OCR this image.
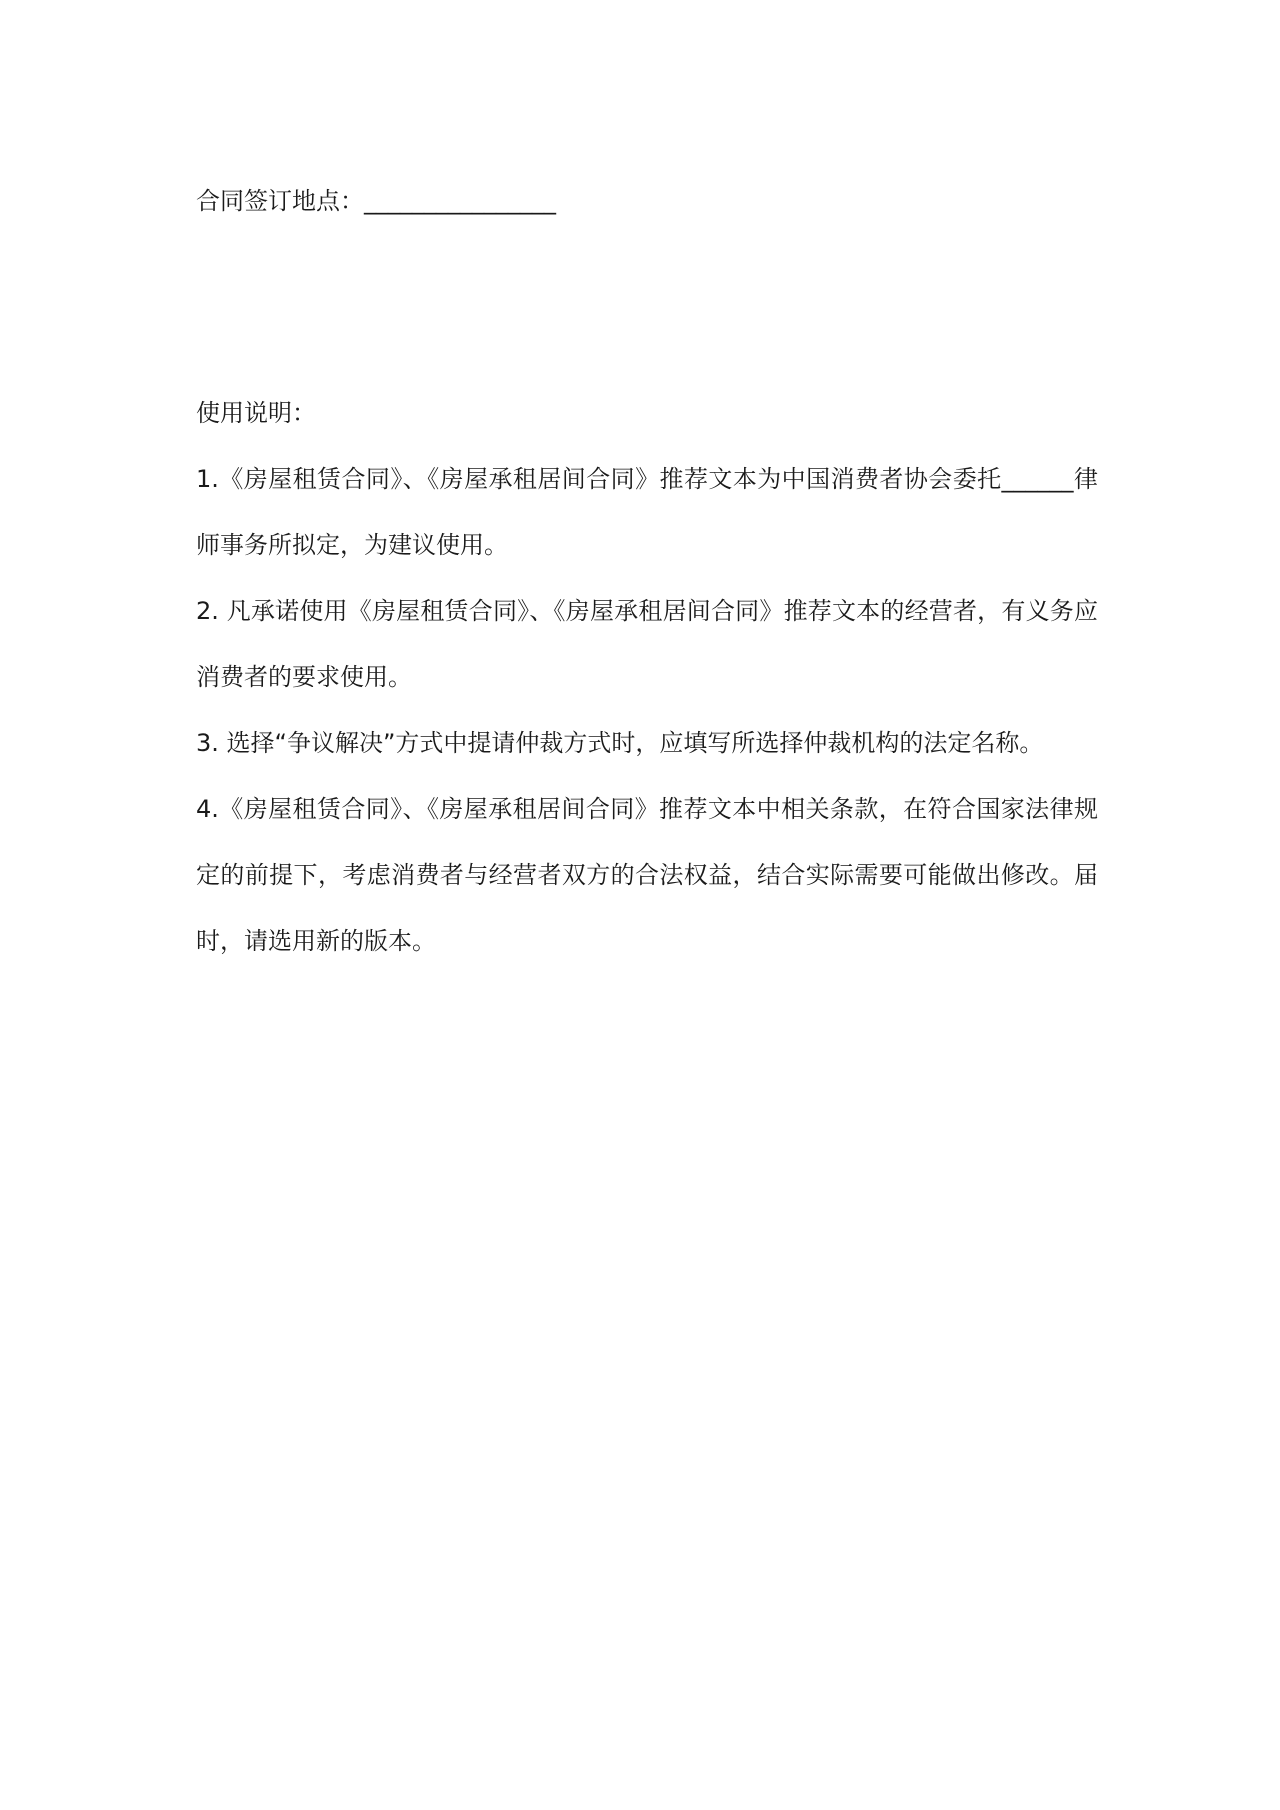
合同签订地点：________________

使用说明：
1.《房屋租赁合同》、《房屋承租居间合同》推荐文本为中国消费者协会委托______律师事务所拟定，为建议使用。
2. 凡承诺使用《房屋租赁合同》、《房屋承租居间合同》推荐文本的经营者，有义务应消费者的要求使用。
3. 选择“争议解决”方式中提请仲裁方式时，应填写所选择仲裁机构的法定名称。
4.《房屋租赁合同》、《房屋承租居间合同》推荐文本中相关条款，在符合国家法律规定的前提下，考虑消费者与经营者双方的合法权益，结合实际需要可能做出修改。届时，请选用新的版本。
